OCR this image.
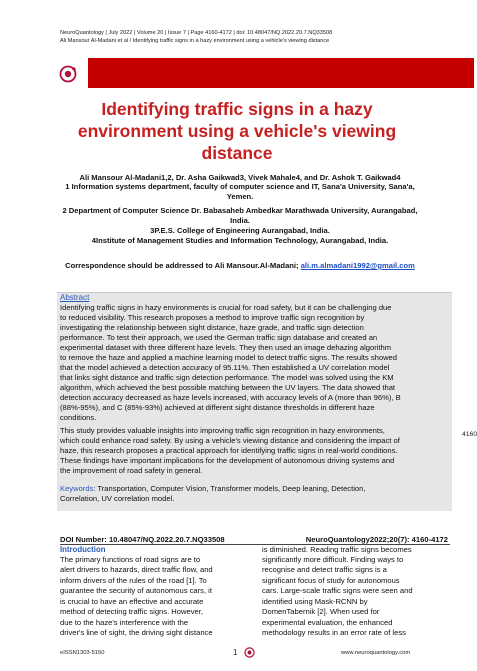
NeuroQuantology | July 2022 | Volume 20 | Issue 7 | Page 4160-4172 | doi: 10.48047/NQ.2022.20.7.NQ33508
Ali Mansour Al-Madani et al / Identifying traffic signs in a hazy environment using a vehicle's viewing distance
Identifying traffic signs in a hazy
environment using a vehicle's viewing
distance
Ali Mansour Al-Madani1,2, Dr. Asha Gaikwad3, Vivek Mahale4, and Dr. Ashok T. Gaikwad4
1 Information systems department, faculty of computer science and IT, Sana'a University, Sana'a,
Yemen.
2 Department of Computer Science Dr. Babasaheb Ambedkar Marathwada University, Aurangabad,
India.
3P.E.S. College of Engineering Aurangabad, India.
4Institute of Management Studies and Information Technology, Aurangabad, India.
Correspondence should be addressed to Ali Mansour.Al-Madani; ali.m.almadani1992@gmail.com
Abstract
Identifying traffic signs in hazy environments is crucial for road safety, but it can be challenging due
to reduced visibility. This research proposes a method to improve traffic sign recognition by
investigating the relationship between sight distance, haze grade, and traffic sign detection
performance. To test their approach, we used the German traffic sign database and created an
experimental dataset with three different haze levels. They then used an image dehazing algorithm
to remove the haze and applied a machine learning model to detect traffic signs. The results showed
that the model achieved a detection accuracy of 95.11%. Then established a UV correlation model
that links sight distance and traffic sign detection performance. The model was solved using the KM
algorithm, which achieved the best possible matching between the UV layers. The data showed that
detection accuracy decreased as haze levels increased, with accuracy levels of A (more than 96%), B
(88%-95%), and C (85%-93%) achieved at different sight distance thresholds in different haze
conditions.
This study provides valuable insights into improving traffic sign recognition in hazy environments,
which could enhance road safety. By using a vehicle's viewing distance and considering the impact of
haze, this research proposes a practical approach for identifying traffic signs in real-world conditions.
These findings have important implications for the development of autonomous driving systems and
the improvement of road safety in general.
Keywords: Transportation, Computer Vision, Transformer models, Deep leaning, Detection,
Correlation, UV correlation model.
DOI Number: 10.48047/NQ.2022.20.7.NQ33508	NeuroQuantology2022;20(7): 4160-4172
Introduction
The primary functions of road signs are to
alert drivers to hazards, direct traffic flow, and
inform drivers of the rules of the road [1]. To
guarantee the security of autonomous cars, it
is crucial to have an effective and accurate
method of detecting traffic signs. However,
due to the haze's interference with the
driver's line of sight, the driving sight distance
is diminished. Reading traffic signs becomes
significantly more difficult. Finding ways to
recognise and detect traffic signs is a
significant focus of study for autonomous
cars. Large-scale traffic signs were seen and
identified using Mask-RCNN by
DomenTabernik [2]. When used for
experimental evaluation, the enhanced
methodology results in an error rate of less
4160
eISSN1303-5150	1	www.neuroquantology.com
